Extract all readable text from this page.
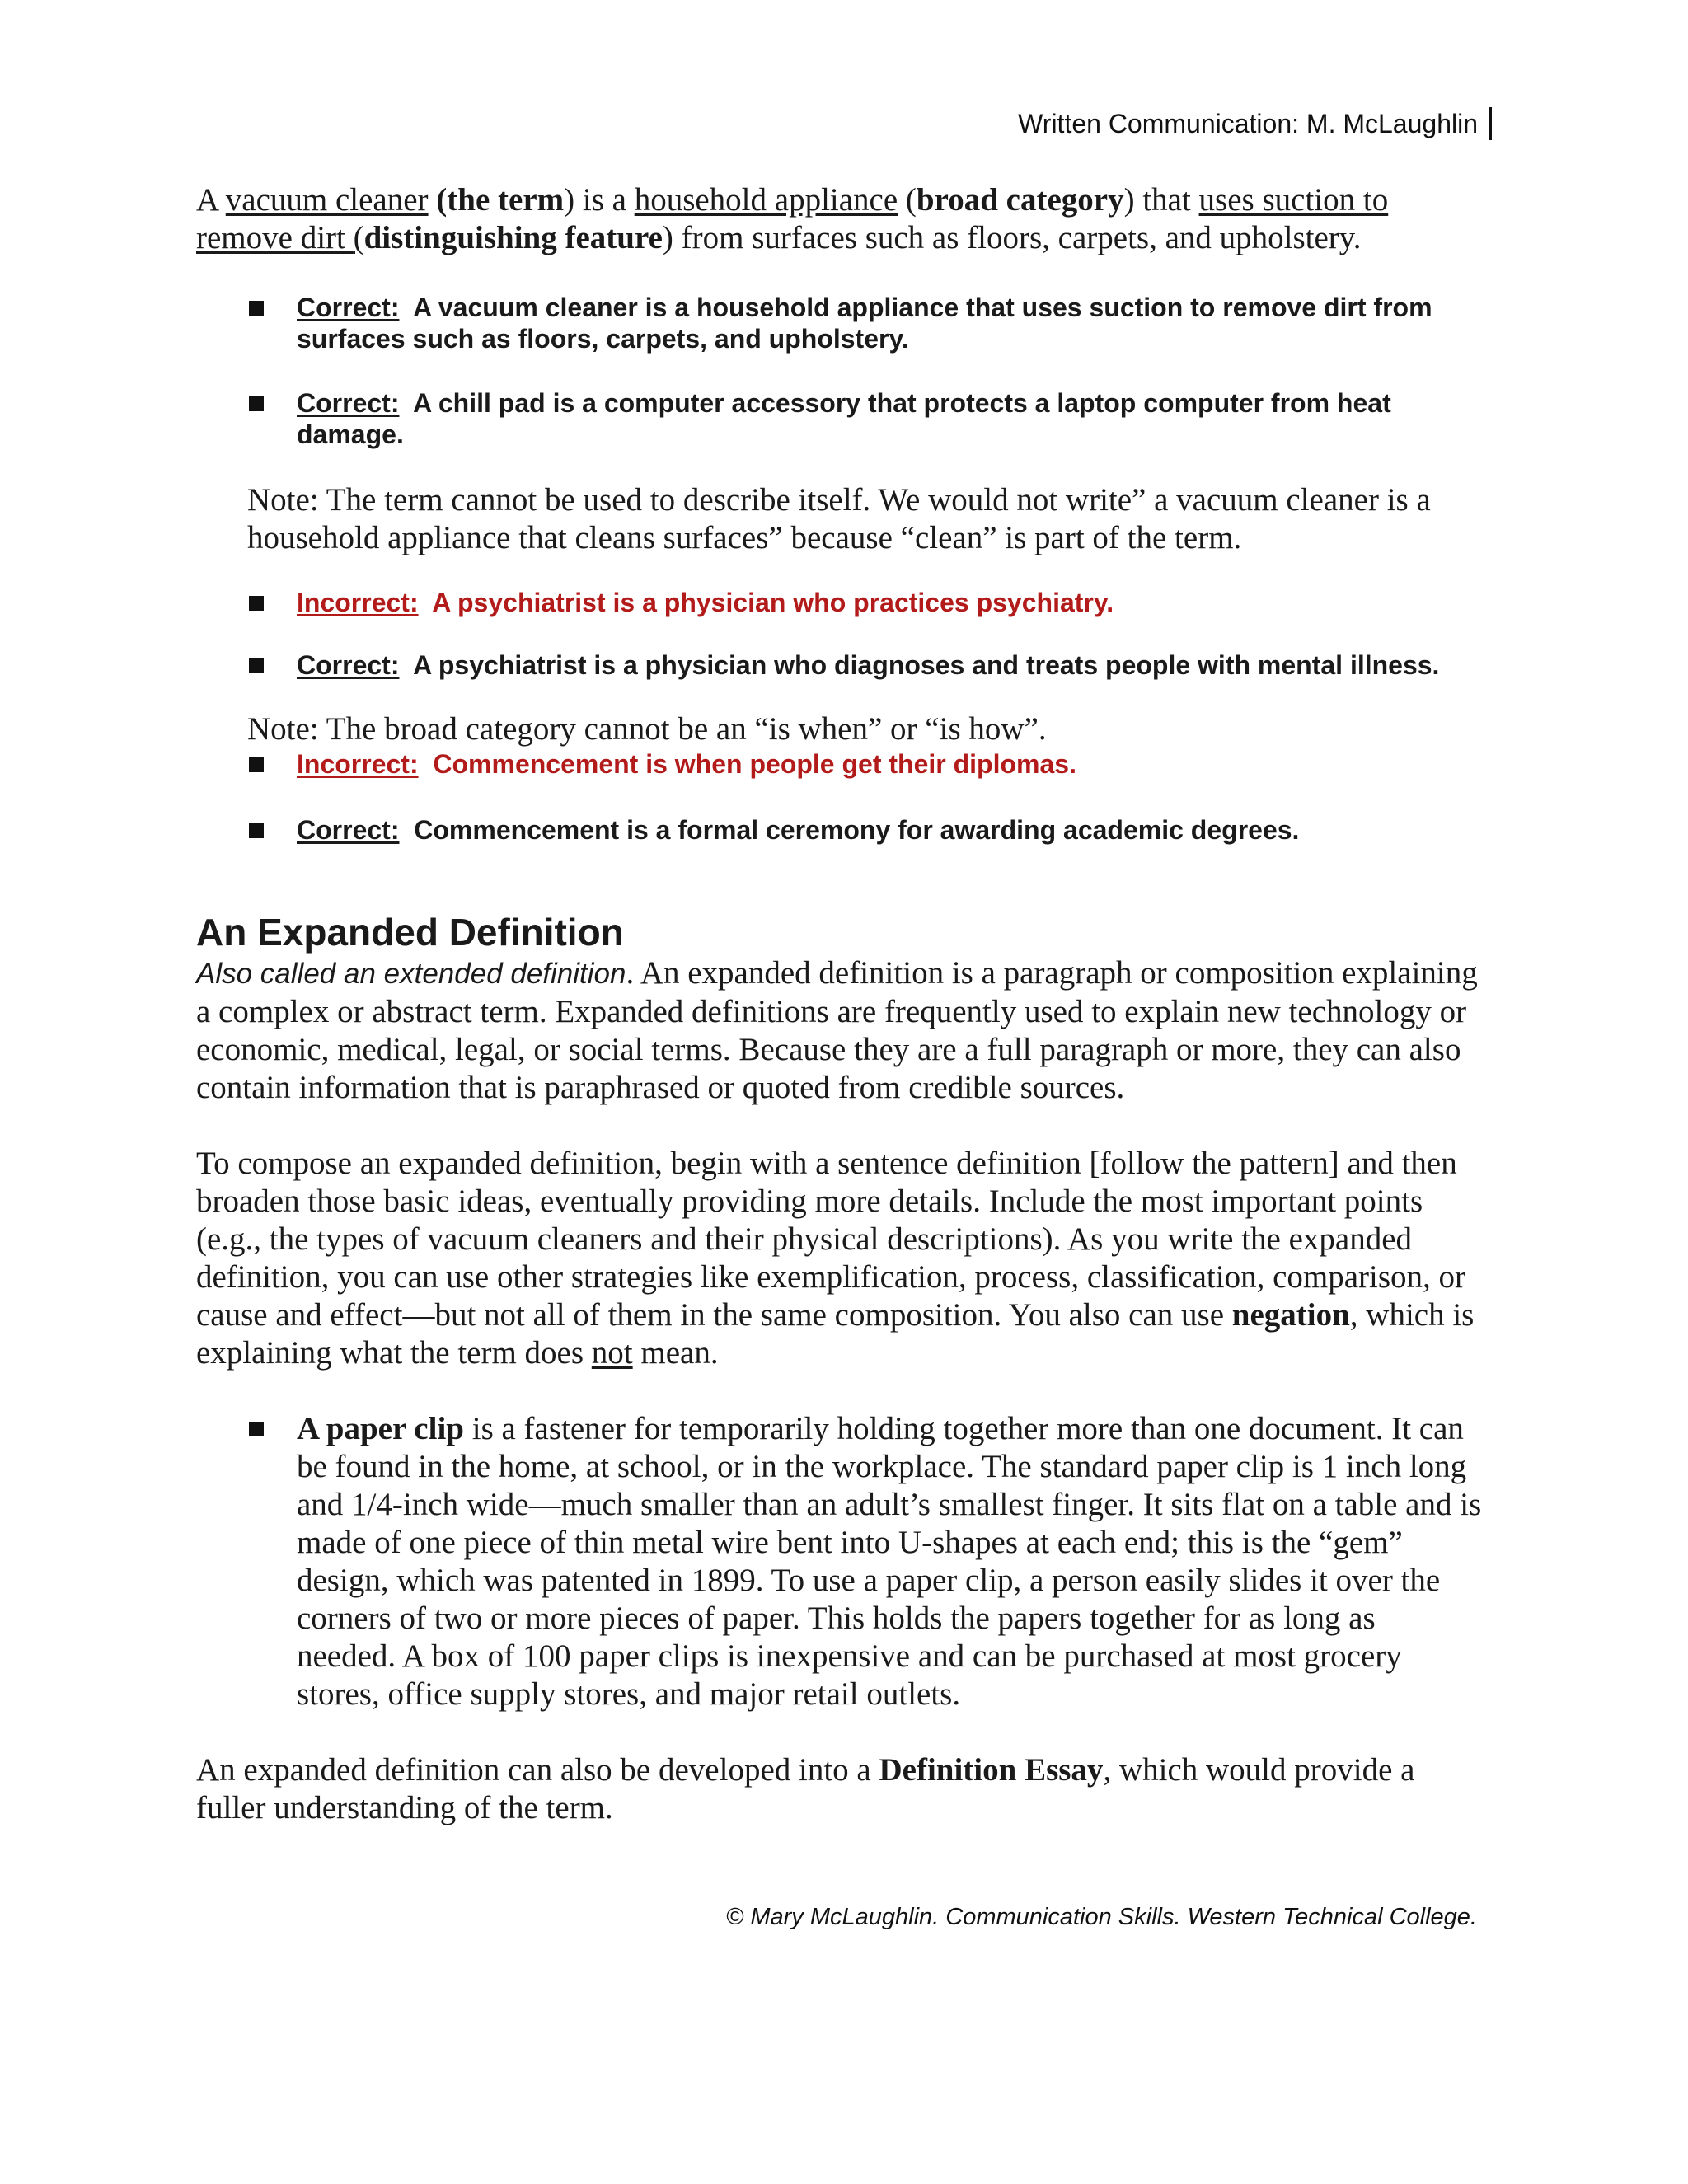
Written Communication: M. McLaughlin

A vacuum cleaner (the term) is a household appliance (broad category) that uses suction to remove dirt (distinguishing feature) from surfaces such as floors, carpets, and upholstery.

Correct: A vacuum cleaner is a household appliance that uses suction to remove dirt from surfaces such as floors, carpets, and upholstery.
Correct: A chill pad is a computer accessory that protects a laptop computer from heat damage.

Note: The term cannot be used to describe itself. We would not write” a vacuum cleaner is a household appliance that cleans surfaces” because “clean” is part of the term.

Incorrect: A psychiatrist is a physician who practices psychiatry.
Correct: A psychiatrist is a physician who diagnoses and treats people with mental illness.

Note: The broad category cannot be an “is when” or “is how”.

Incorrect: Commencement is when people get their diplomas.
Correct: Commencement is a formal ceremony for awarding academic degrees.
An Expanded Definition

Also called an extended definition. An expanded definition is a paragraph or composition explaining a complex or abstract term. Expanded definitions are frequently used to explain new technology or economic, medical, legal, or social terms. Because they are a full paragraph or more, they can also contain information that is paraphrased or quoted from credible sources.

To compose an expanded definition, begin with a sentence definition [follow the pattern] and then broaden those basic ideas, eventually providing more details. Include the most important points (e.g., the types of vacuum cleaners and their physical descriptions). As you write the expanded definition, you can use other strategies like exemplification, process, classification, comparison, or cause and effect—but not all of them in the same composition. You also can use negation, which is explaining what the term does not mean.

A paper clip is a fastener for temporarily holding together more than one document. It can be found in the home, at school, or in the workplace. The standard paper clip is 1 inch long and 1/4-inch wide—much smaller than an adult’s smallest finger. It sits flat on a table and is made of one piece of thin metal wire bent into U-shapes at each end; this is the “gem” design, which was patented in 1899. To use a paper clip, a person easily slides it over the corners of two or more pieces of paper. This holds the papers together for as long as needed. A box of 100 paper clips is inexpensive and can be purchased at most grocery stores, office supply stores, and major retail outlets.

An expanded definition can also be developed into a Definition Essay, which would provide a fuller understanding of the term.

© Mary McLaughlin. Communication Skills. Western Technical College.
